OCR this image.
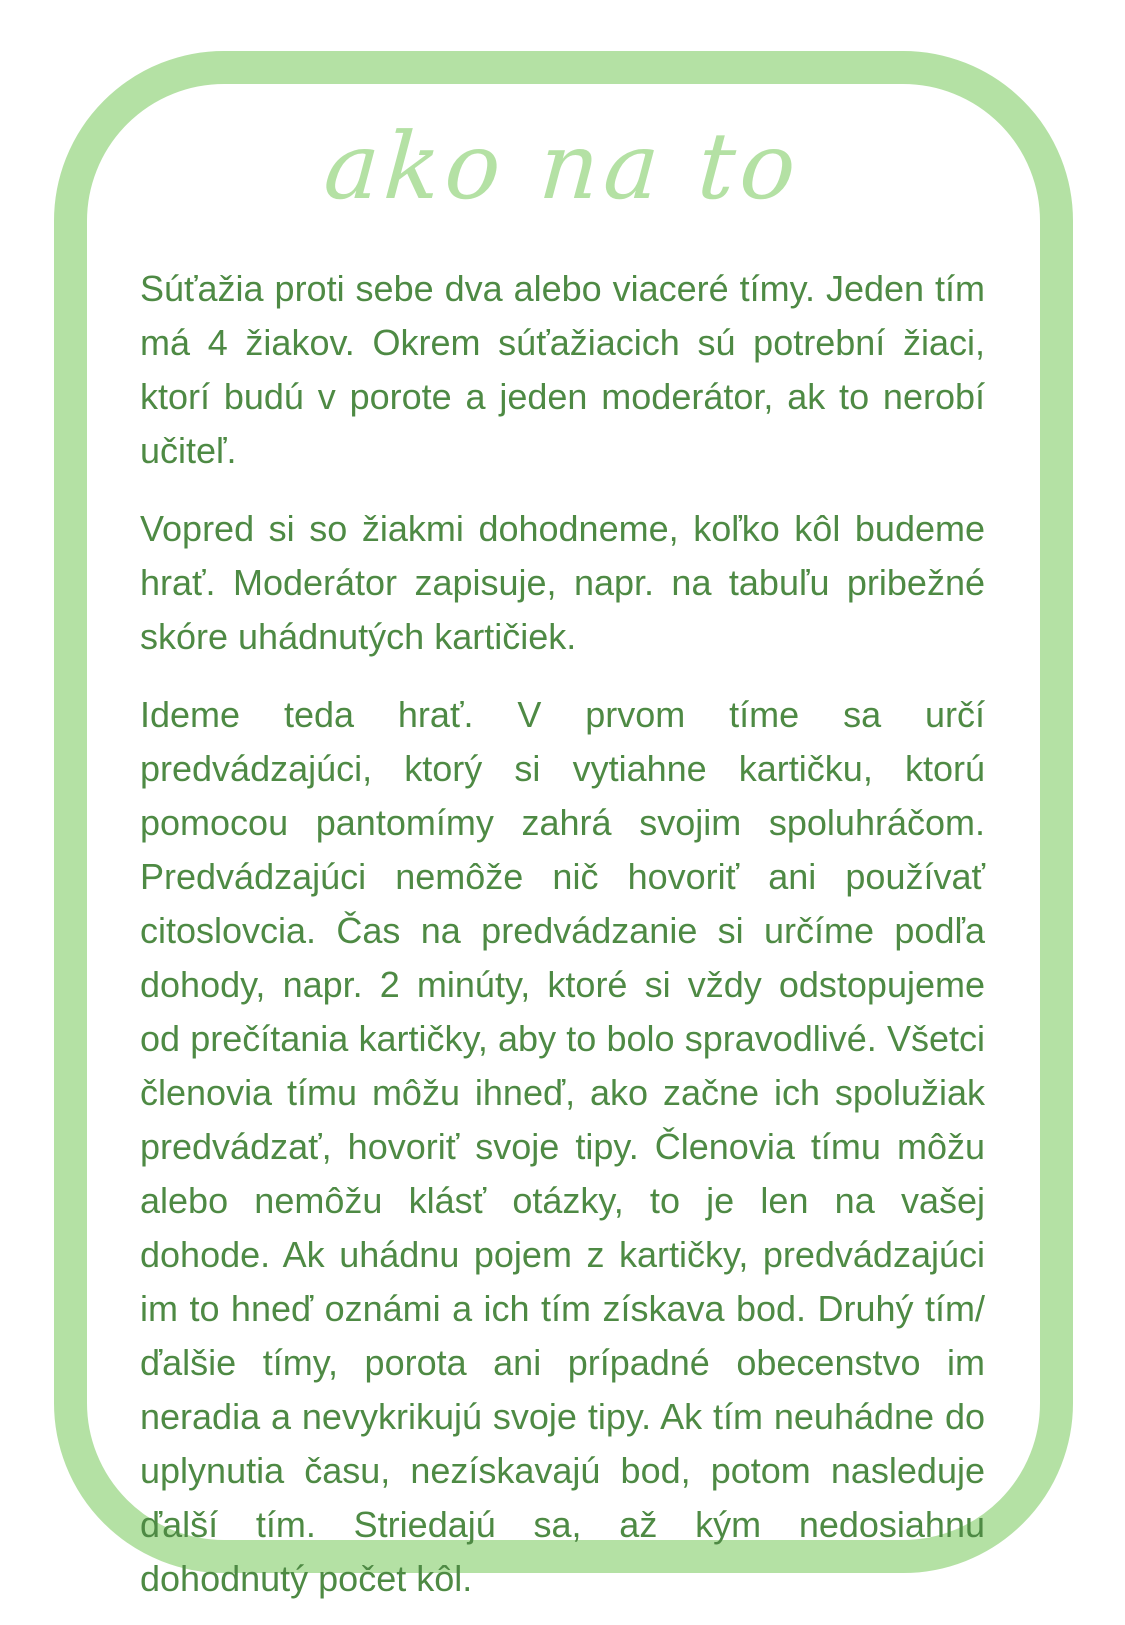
ako na to

Súťažia proti sebe dva alebo viaceré tímy. Jeden tím má 4 žiakov. Okrem súťažiacich sú potrební žiaci, ktorí budú v porote a jeden moderátor, ak to nerobí učiteľ.

Vopred si so žiakmi dohodneme, koľko kôl budeme hrať. Moderátor zapisuje, napr. na tabuľu pribežné skóre uhádnutých kartičiek.

Ideme teda hrať. V prvom tíme sa určí predvádzajúci, ktorý si vytiahne kartičku, ktorú pomocou pantomímy zahrá svojim spoluhráčom. Predvádzajúci nemôže nič hovoriť ani používať citoslovcia. Čas na predvádzanie si určíme podľa dohody, napr. 2 minúty, ktoré si vždy odstopujeme od prečítania kartičky, aby to bolo spravodlivé. Všetci členovia tímu môžu ihneď, ako začne ich spolužiak predvádzať, hovoriť svoje tipy. Členovia tímu môžu alebo nemôžu klásť otázky, to je len na vašej dohode. Ak uhádnu pojem z kartičky, predvádzajúci im to hneď oznámi a ich tím získava bod. Druhý tím/ďalšie tímy, porota ani prípadné obecenstvo im neradia a nevykrikujú svoje tipy. Ak tím neuhádne do uplynutia času, nezískavajú bod, potom nasleduje ďalší tím. Striedajú sa, až kým nedosiahnu dohodnutý počet kôl.
